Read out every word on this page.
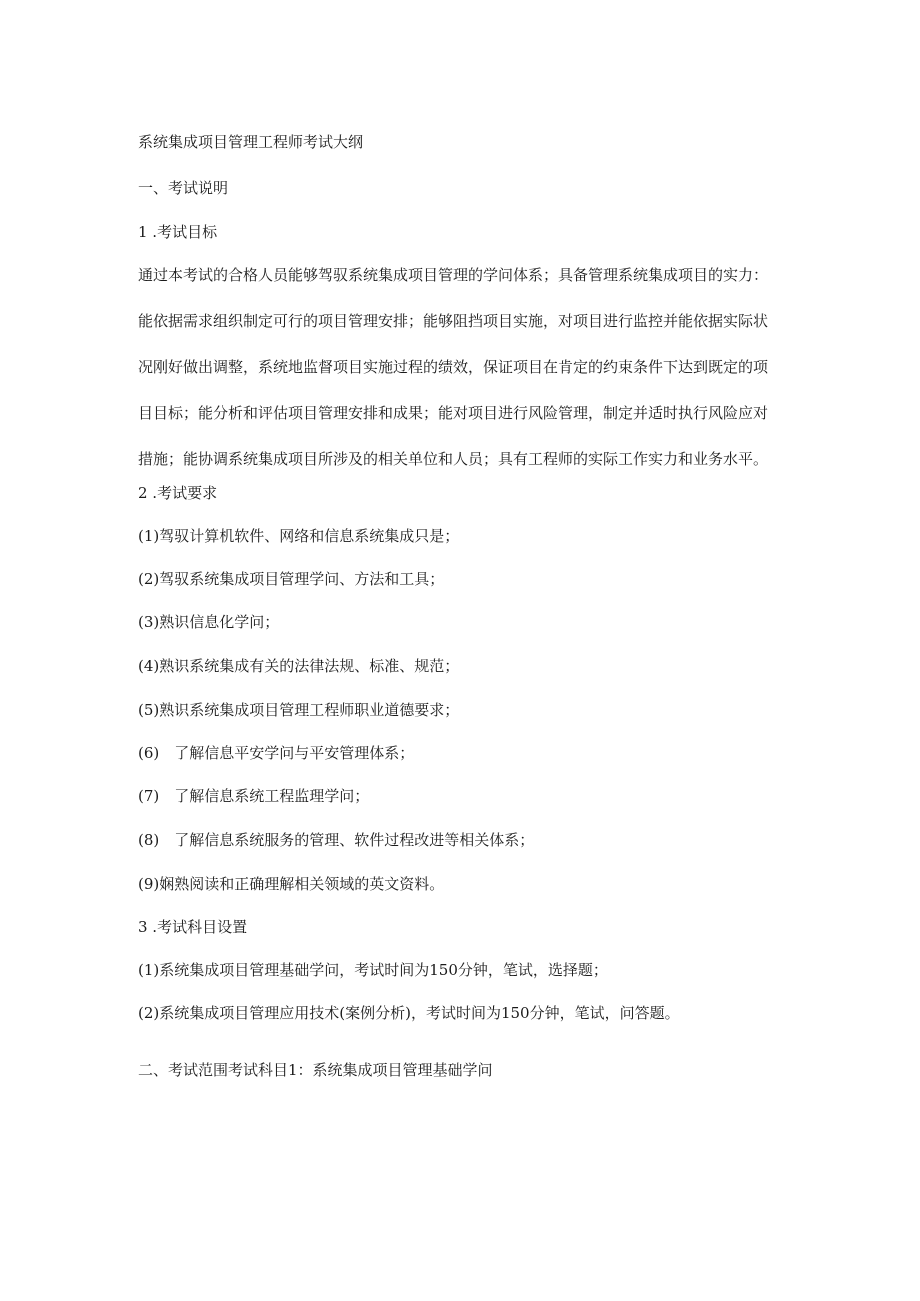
系统集成项目管理工程师考试大纲
一、考试说明
1 .考试目标
通过本考试的合格人员能够驾驭系统集成项目管理的学问体系；具备管理系统集成项目的实力：
能依据需求组织制定可行的项目管理安排；能够阻挡项目实施，对项目进行监控并能依据实际状
况刚好做出调整，系统地监督项目实施过程的绩效，保证项目在肯定的约束条件下达到既定的项
目目标；能分析和评估项目管理安排和成果；能对项目进行风险管理，制定并适时执行风险应对
措施；能协调系统集成项目所涉及的相关单位和人员；具有工程师的实际工作实力和业务水平。
2 .考试要求
(1)驾驭计算机软件、网络和信息系统集成只是；
(2)驾驭系统集成项目管理学问、方法和工具；
(3)熟识信息化学问；
(4)熟识系统集成有关的法律法规、标准、规范；
(5)熟识系统集成项目管理工程师职业道德要求；
(6)　了解信息平安学问与平安管理体系；
(7)　了解信息系统工程监理学问；
(8)　了解信息系统服务的管理、软件过程改进等相关体系；
(9)娴熟阅读和正确理解相关领域的英文资料。
3 .考试科目设置
(1)系统集成项目管理基础学问，考试时间为150分钟，笔试，选择题；
(2)系统集成项目管理应用技术(案例分析)，考试时间为150分钟，笔试，问答题。
二、考试范围考试科目1：系统集成项目管理基础学问
